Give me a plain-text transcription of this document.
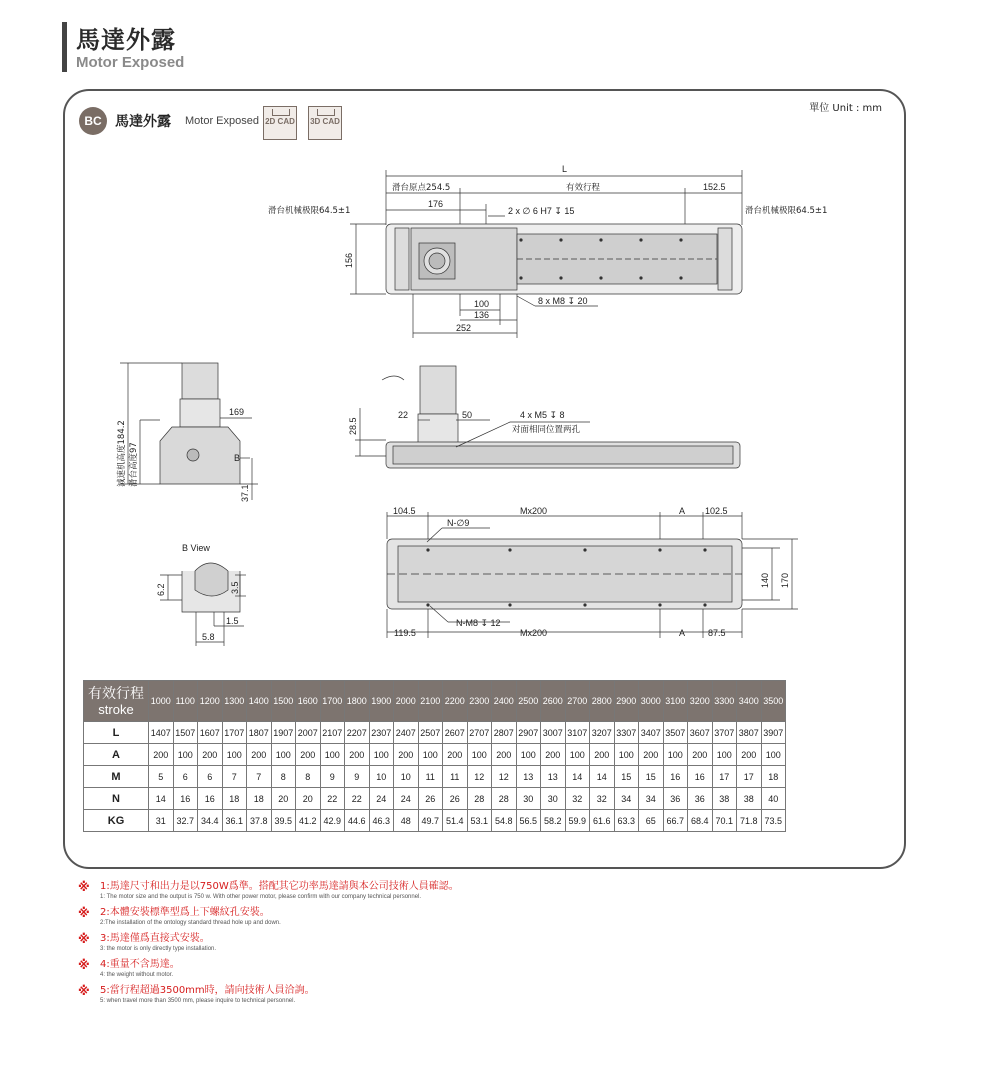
馬達外露
Motor Exposed
單位 Unit : mm
BC 馬達外露 Motor Exposed 2D CAD 3D CAD
L
滑台原点254.5	有效行程	152.5
滑台机械极限64.5±1
176
2 x ∅ 6 H7 ↧ 15	滑台机械极限64.5±1
156
100
136
252
8 x M8 ↧ 20
28.5
22	50	4 x M5 ↧ 8
对面相同位置两孔
減速机高度184.2 滑台高度97
169
B
37.1
B View
6.2	3.5
1.5
5.8
104.5	Mx200	A 102.5
N-∅9
140 170
N-M8 ↧ 12
119.5	Mx200	A	87.5
有效行程
stroke	1000	1100	1200	1300	1400	1500	1600	1700	1800	1900	2000	2100	2200	2300	2400	2500	2600	2700	2800	2900	3000	3100	3200	3300	3400	3500
L	1407	1507	1607	1707	1807	1907	2007	2107	2207	2307	2407	2507	2607	2707	2807	2907	3007	3107	3207	3307	3407	3507	3607	3707	3807	3907
A	200	100	200	100	200	100	200	100	200	100	200	100	200	100	200	100	200	100	200	100	200	100	200	100	200	100
M	5	6	6	7	7	8	8	9	9	10	10	11	11	12	12	13	13	14	14	15	15	16	16	17	17	18
N	14	16	16	18	18	20	20	22	22	24	24	26	26	28	28	30	30	32	32	34	34	36	36	38	38	40
KG	31	32.7	34.4	36.1	37.8	39.5	41.2	42.9	44.6	46.3	48	49.7	51.4	53.1	54.8	56.5	58.2	59.9	61.6	63.3	65	66.7	68.4	70.1	71.8	73.5
※ 1:馬達尺寸和出力是以750W爲準。搭配其它功率馬達請與本公司技術人員確認。
1: The motor size and the output is 750 w. With other power motor, please confirm with our company technical personnel.
※ 2:本體安裝標準型爲上下螺紋孔安裝。
2:The installation of the ontology standard thread hole up and down.
※ 3:馬達僅爲直接式安裝。
3: the motor is only directly type installation.
※ 4:重量不含馬達。
4: the weight without motor.
※ 5:當行程超過3500mm時，請向技術人員洽詢。
5: when travel more than 3500 mm, please inquire to technical personnel.
